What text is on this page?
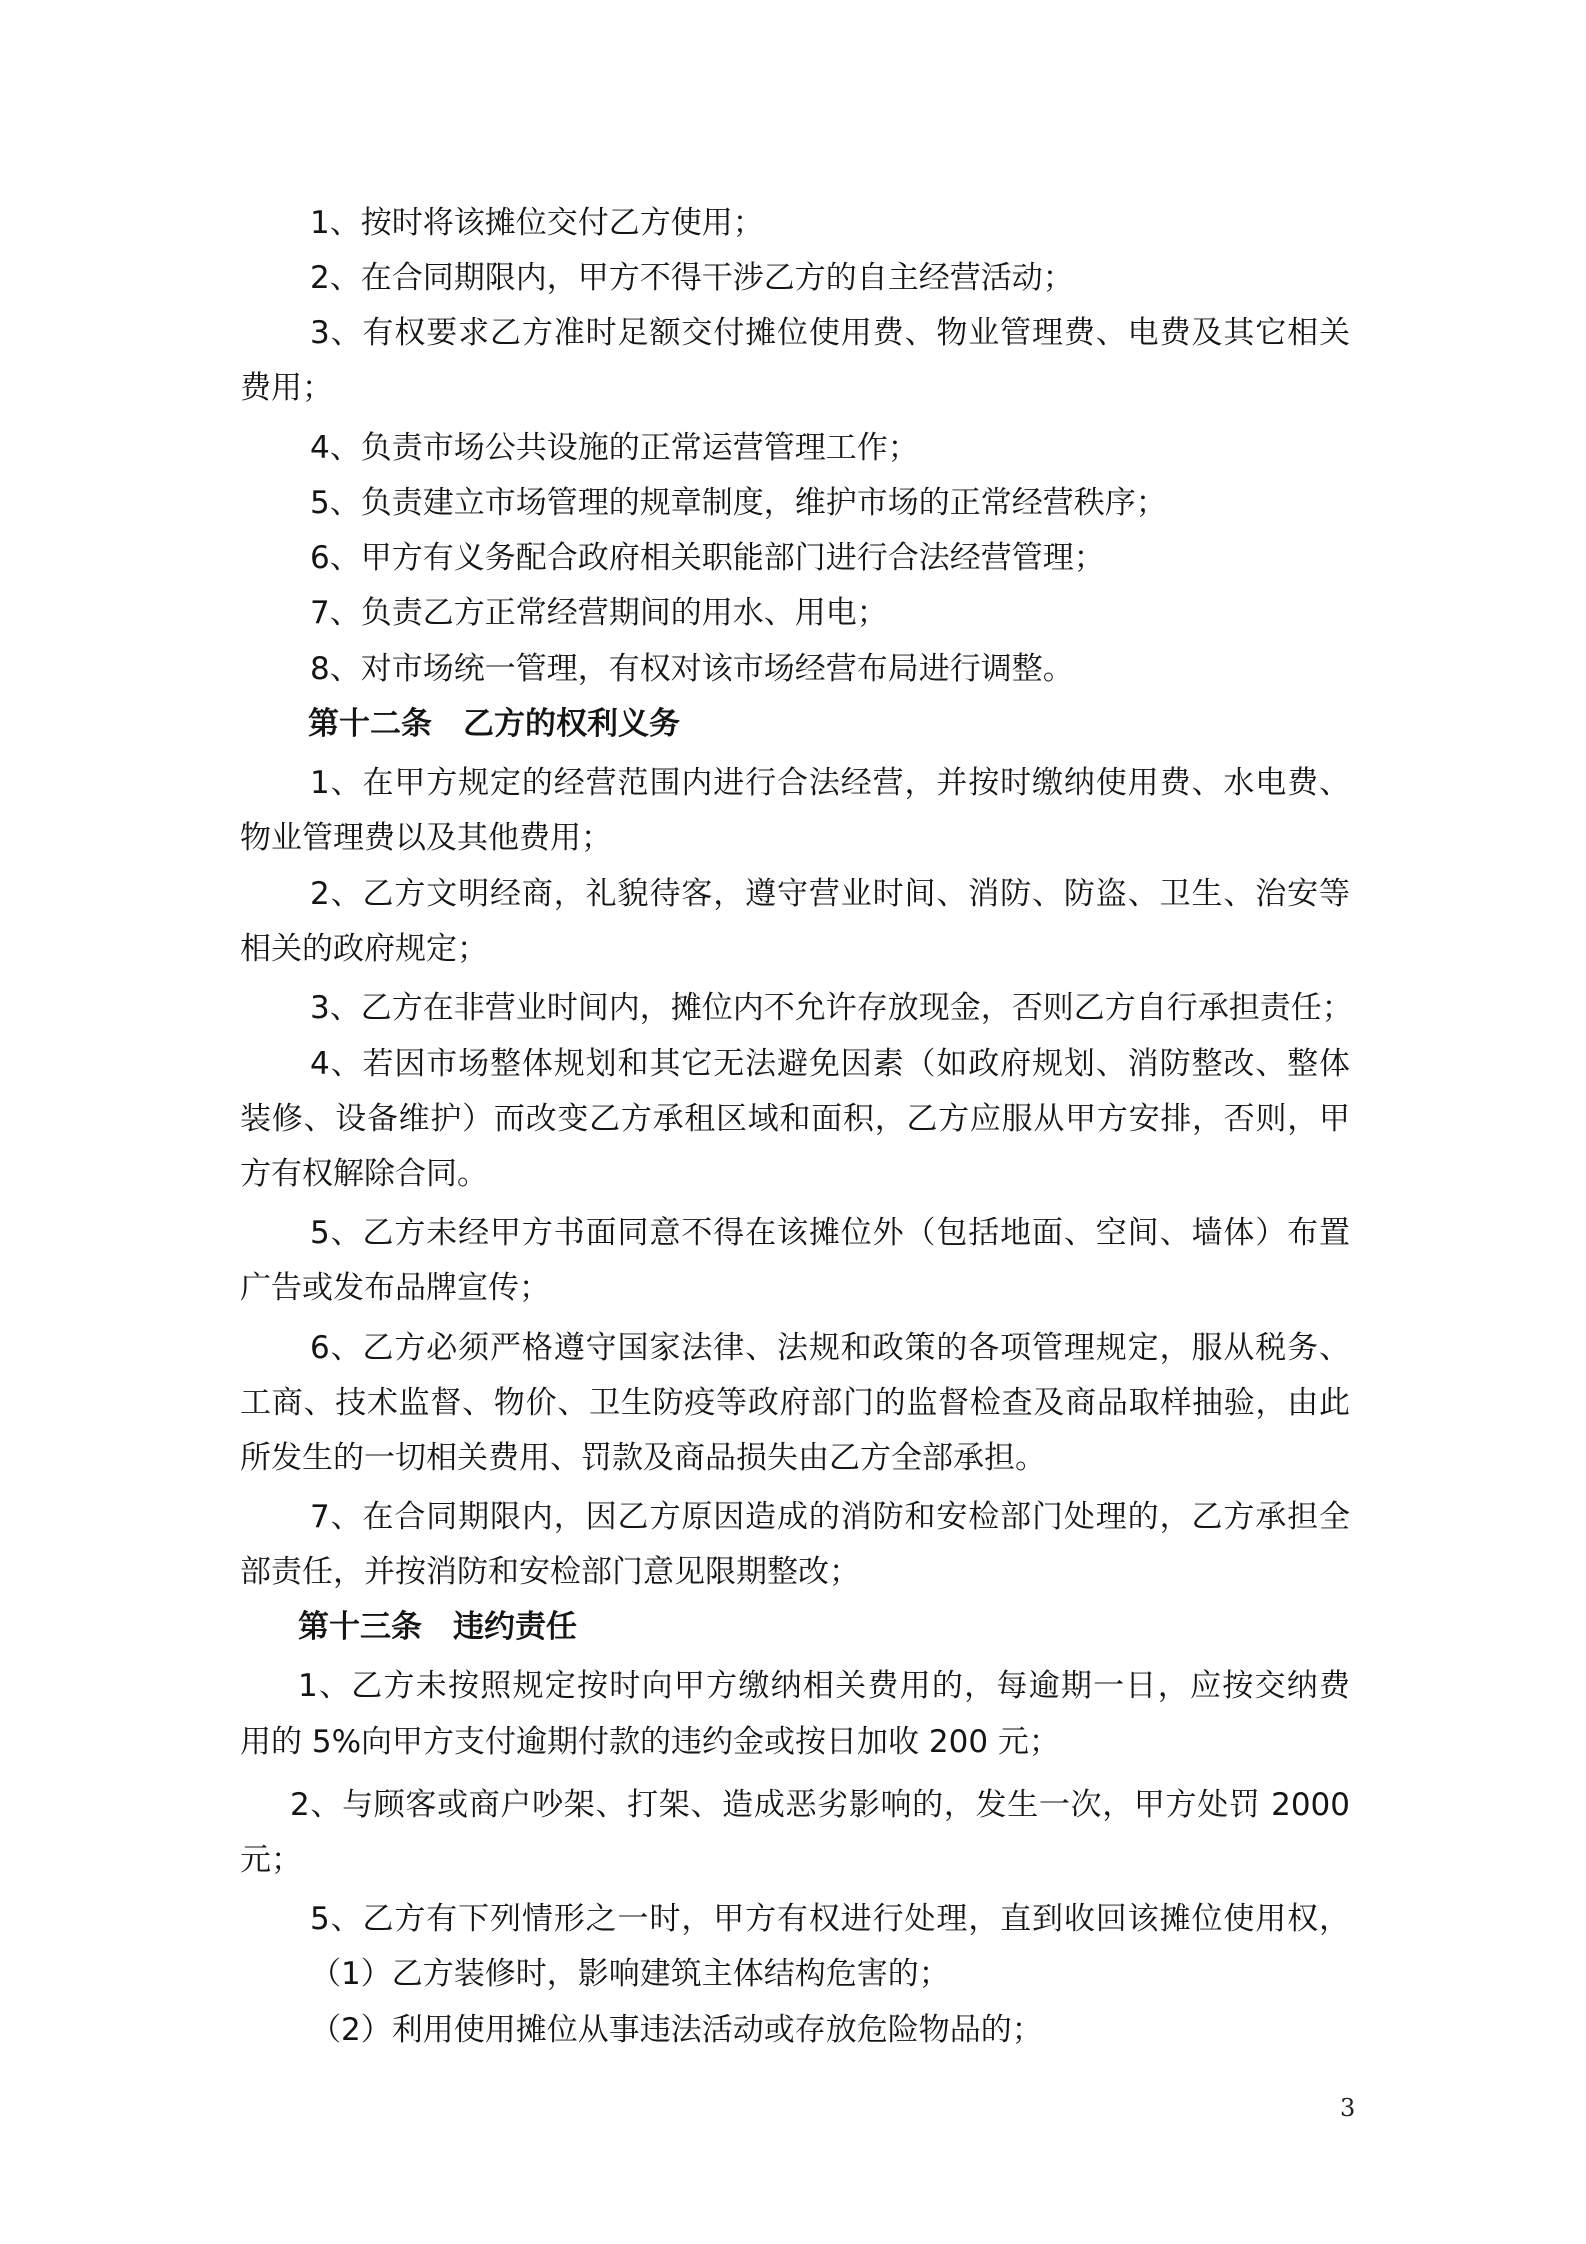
1、按时将该摊位交付乙方使用；
2、在合同期限内，甲方不得干涉乙方的自主经营活动；
3、有权要求乙方准时足额交付摊位使用费、物业管理费、电费及其它相关
费用；
4、负责市场公共设施的正常运营管理工作；
5、负责建立市场管理的规章制度，维护市场的正常经营秩序；
6、甲方有义务配合政府相关职能部门进行合法经营管理；
7、负责乙方正常经营期间的用水、用电；
8、对市场统一管理，有权对该市场经营布局进行调整。
第十二条　乙方的权利义务
1、在甲方规定的经营范围内进行合法经营，并按时缴纳使用费、水电费、
物业管理费以及其他费用；
2、乙方文明经商，礼貌待客，遵守营业时间、消防、防盗、卫生、治安等
相关的政府规定；
3、乙方在非营业时间内，摊位内不允许存放现金，否则乙方自行承担责任；
4、若因市场整体规划和其它无法避免因素（如政府规划、消防整改、整体
装修、设备维护）而改变乙方承租区域和面积，乙方应服从甲方安排，否则，甲
方有权解除合同。
5、乙方未经甲方书面同意不得在该摊位外（包括地面、空间、墙体）布置
广告或发布品牌宣传；
6、乙方必须严格遵守国家法律、法规和政策的各项管理规定，服从税务、
工商、技术监督、物价、卫生防疫等政府部门的监督检查及商品取样抽验，由此
所发生的一切相关费用、罚款及商品损失由乙方全部承担。
7、在合同期限内，因乙方原因造成的消防和安检部门处理的，乙方承担全
部责任，并按消防和安检部门意见限期整改；
第十三条　违约责任
1、乙方未按照规定按时向甲方缴纳相关费用的，每逾期一日，应按交纳费
用的 5%向甲方支付逾期付款的违约金或按日加收 200 元；
2、与顾客或商户吵架、打架、造成恶劣影响的，发生一次，甲方处罚 2000
元；
5、乙方有下列情形之一时，甲方有权进行处理，直到收回该摊位使用权，
（1）乙方装修时，影响建筑主体结构危害的；
（2）利用使用摊位从事违法活动或存放危险物品的；
3
